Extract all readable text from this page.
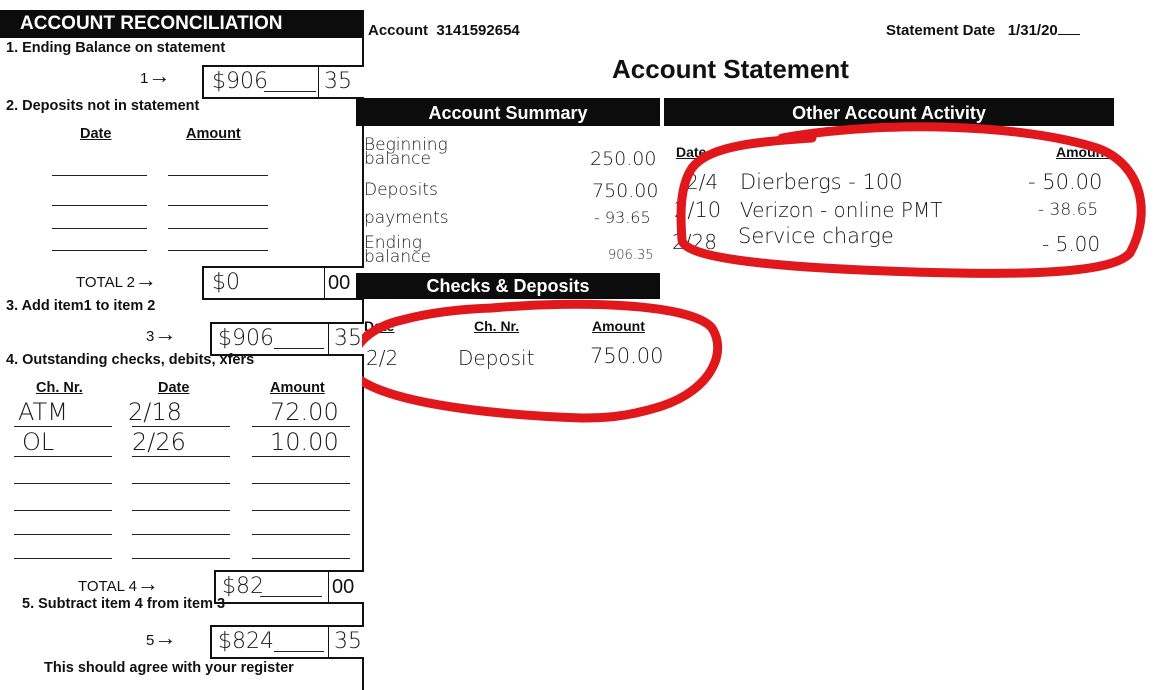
ACCOUNT RECONCILIATION
1. Ending Balance on statement
1→ $906	35
2. Deposits not in statement
Date	Amount
TOTAL 2→	$0	00
3. Add item1 to item 2
3→ $906	35
4. Outstanding checks, debits, xfers
Ch. Nr.	Date	Amount
ATM	2/18	72.00
OL	2/26	10.00
TOTAL 4→	$82	00
5. Subtract item 4 from item 3
5→ $824	35
This should agree with your register
Account 3141592654	Statement Date 1/31/20
Account Statement
Account Summary	Other Account Activity
Beginning balance	250.00
Deposits	750.00
payments	- 93.65
Ending balance	906.35
Date	Amount
2/4 Dierbergs - 100	- 50.00
2/10 Verizon - online PMT	- 38.65
2/28 Service charge	- 5.00
Checks & Deposits
Date	Ch. Nr.	Amount
2/2	Deposit	750.00
